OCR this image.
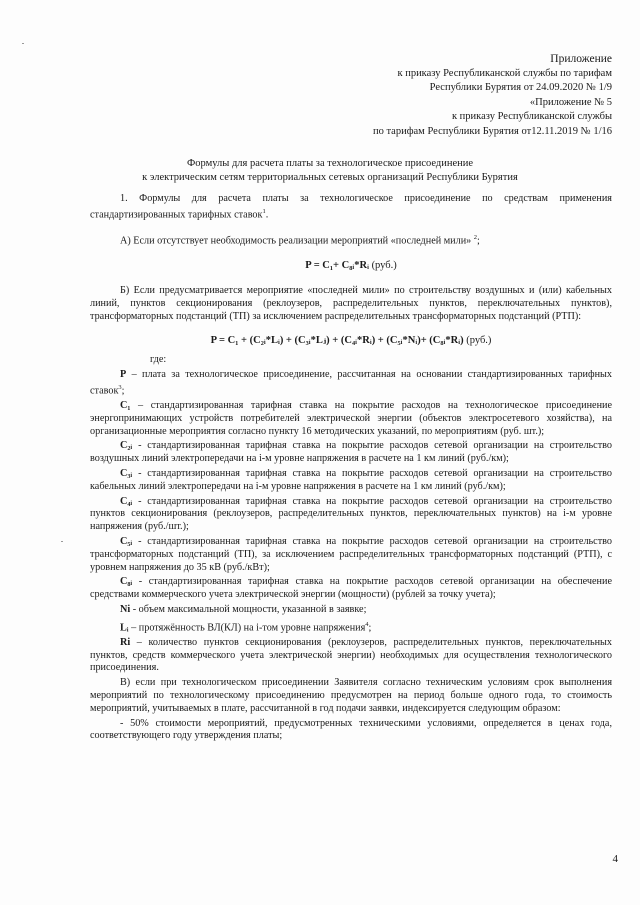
Приложение
к приказу Республиканской службы по тарифам
Республики Бурятия от 24.09.2020 № 1/9
«Приложение № 5
к приказу Республиканской службы
по тарифам Республики Бурятия от12.11.2019 № 1/16
Формулы для расчета платы за технологическое присоединение
к электрическим сетям территориальных сетевых организаций Республики Бурятия

1. Формулы для расчета платы за технологическое присоединение по средствам применения стандартизированных тарифных ставок$^1$.

А) Если отсутствует необходимость реализации мероприятий «последней мили» $^2$;

P = C₁+ C₈ᵢ*Rᵢ (руб.)

Б) Если предусматривается мероприятие «последней мили» по строительству воздушных и (или) кабельных линий, пунктов секционирования (реклоузеров, распределительных пунктов, переключательных пунктов), трансформаторных подстанций (ТП) за исключением распределительных трансформаторных подстанций (РТП):

P = C₁ + (C₂ᵢ*Lᵢ) + (C₃ᵢ*Lⱼ) + (C₄ᵢ*Rᵢ) + (C₅ᵢ*Nᵢ)+ (C₈ᵢ*Rᵢ) (руб.)

где:

P – плата за технологическое присоединение, рассчитанная на основании стандартизированных тарифных ставок$^3$;

C₁ – стандартизированная тарифная ставка на покрытие расходов на технологическое присоединение энергопринимающих устройств потребителей электрической энергии (объектов электросетевого хозяйства), на организационные мероприятия согласно пункту 16 методических указаний, по мероприятиям (руб. шт.);

C₂ᵢ - стандартизированная тарифная ставка на покрытие расходов сетевой организации на строительство воздушных линий электропередачи на i-м уровне напряжения в расчете на 1 км линий (руб./км);

C₃ᵢ - стандартизированная тарифная ставка на покрытие расходов сетевой организации на строительство кабельных линий электропередачи на i-м уровне напряжения в расчете на 1 км линий (руб./км);

C₄ᵢ - стандартизированная тарифная ставка на покрытие расходов сетевой организации на строительство пунктов секционирования (реклоузеров, распределительных пунктов, переключательных пунктов) на i-м уровне напряжения (руб./шт.);

C₅ᵢ - стандартизированная тарифная ставка на покрытие расходов сетевой организации на строительство трансформаторных подстанций (ТП), за исключением распределительных трансформаторных подстанций (РТП), с уровнем напряжения до 35 кВ (руб./кВт);

C₈ᵢ - стандартизированная тарифная ставка на покрытие расходов сетевой организации на обеспечение средствами коммерческого учета электрической энергии (мощности) (рублей за точку учета);

Ni - объем максимальной мощности, указанной в заявке;

Lᵢ – протяжённость ВЛ(КЛ) на i-том уровне напряжения$^4$;

Ri – количество пунктов секционирования (реклоузеров, распределительных пунктов, переключательных пунктов, средств коммерческого учета электрической энергии) необходимых для осуществления технологического присоединения.

В) если при технологическом присоединении Заявителя согласно техническим условиям срок выполнения мероприятий по технологическому присоединению предусмотрен на период больше одного года, то стоимость мероприятий, учитываемых в плате, рассчитанной в год подачи заявки, индексируется следующим образом:

- 50% стоимости мероприятий, предусмотренных техническими условиями, определяется в ценах года, соответствующего году утверждения платы;

4
